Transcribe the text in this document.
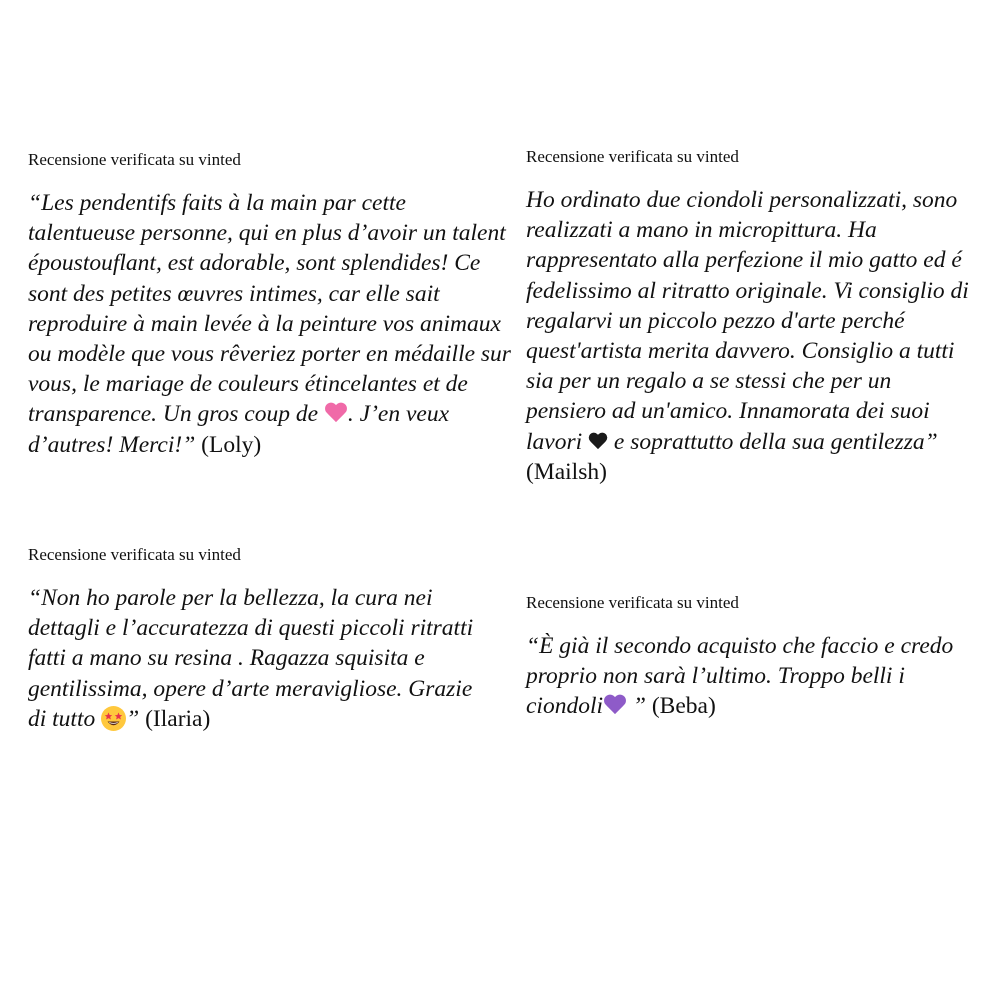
Recensione verificata su vinted

“Les pendentifs faits à la main par cette talentueuse personne, qui en plus d’avoir un talent époustouflant, est adorable, sont splendides! Ce sont des petites œuvres intimes, car elle sait reproduire à main levée à la peinture vos animaux ou modèle que vous rêveriez porter en médaille sur vous, le mariage de couleurs étincelantes et de transparence. Un gros coup de . J’en veux d’autres! Merci!” (Loly)

Recensione verificata su vinted

Ho ordinato due ciondoli personalizzati, sono realizzati a mano in micropittura. Ha rappresentato alla perfezione il mio gatto ed é fedelissimo al ritratto originale. Vi consiglio di regalarvi un piccolo pezzo d'arte perché quest'artista merita davvero. Consiglio a tutti sia per un regalo a se stessi che per un pensiero ad un'amico. Innamorata dei suoi lavori  e soprattutto della sua gentilezza” (Mailsh)

Recensione verificata su vinted

“Non ho parole per la bellezza, la cura nei dettagli e l’accuratezza di questi piccoli ritratti fatti a mano su resina . Ragazza squisita e gentilissima, opere d’arte meravigliose. Grazie di tutto
” (Ilaria)

Recensione verificata su vinted

“È già il secondo acquisto che faccio e credo proprio non sarà l’ultimo. Troppo belli i ciondoli ” (Beba)
